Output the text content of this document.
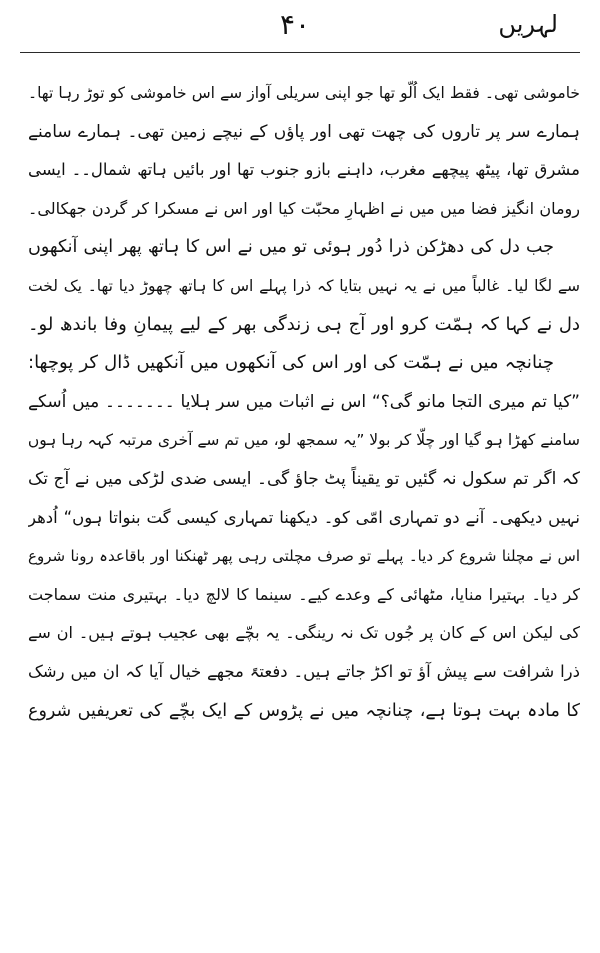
لہریں
۴۰
خاموشی تھی۔ فقط ایک اُلّو تھا جو اپنی سریلی آواز سے اس خاموشی کو توڑ رہا تھا۔
ہمارے سر پر تاروں کی چھت تھی اور پاؤں کے نیچے زمین تھی۔ ہمارے سامنے
مشرق تھا، پیٹھ پیچھے مغرب، داہنے بازو جنوب تھا اور بائیں ہاتھ شمال۔۔ ایسی
رومان انگیز فضا میں میں نے اظہارِ محبّت کیا اور اس نے مسکرا کر گردن جھکالی۔
جب دل کی دھڑکن ذرا دُور ہوئی تو میں نے اس کا ہاتھ پھر اپنی آنکھوں
سے لگا لیا۔ غالباً میں نے یہ نہیں بتایا کہ ذرا پہلے اس کا ہاتھ چھوڑ دیا تھا۔ یک لخت
دل نے کہا کہ ہمّت کرو اور آج ہی زندگی بھر کے لیے پیمانِ وفا باندھ لو۔
چنانچہ میں نے ہمّت کی اور اس کی آنکھوں میں آنکھیں ڈال کر پوچھا:
”کیا تم میری التجا مانو گی؟“ اس نے اثبات میں سر ہلایا ۔۔۔۔۔۔۔ میں اُسکے
سامنے کھڑا ہو گیا اور چلّا کر بولا ”یہ سمجھ لو، میں تم سے آخری مرتبہ کہہ رہا ہوں
کہ اگر تم سکول نہ گئیں تو یقیناً پٹ جاؤ گی۔ ایسی ضدی لڑکی میں نے آج تک
نہیں دیکھی۔ آنے دو تمہاری امّی کو۔ دیکھنا تمہاری کیسی گت بنواتا ہوں“ اُدھر
اس نے مچلنا شروع کر دیا۔ پہلے تو صرف مچلتی رہی پھر ٹھنکنا اور باقاعدہ رونا شروع
کر دیا۔ بہتیرا منایا، مٹھائی کے وعدے کیے۔ سینما کا لالچ دیا۔ بہتیری منت سماجت
کی لیکن اس کے کان پر جُوں تک نہ رینگی۔ یہ بچّے بھی عجیب ہوتے ہیں۔ ان سے
ذرا شرافت سے پیش آؤ تو اکڑ جاتے ہیں۔ دفعتہً مجھے خیال آیا کہ ان میں رشک
کا مادہ بہت ہوتا ہے، چنانچہ میں نے پڑوس کے ایک بچّے کی تعریفیں شروع
